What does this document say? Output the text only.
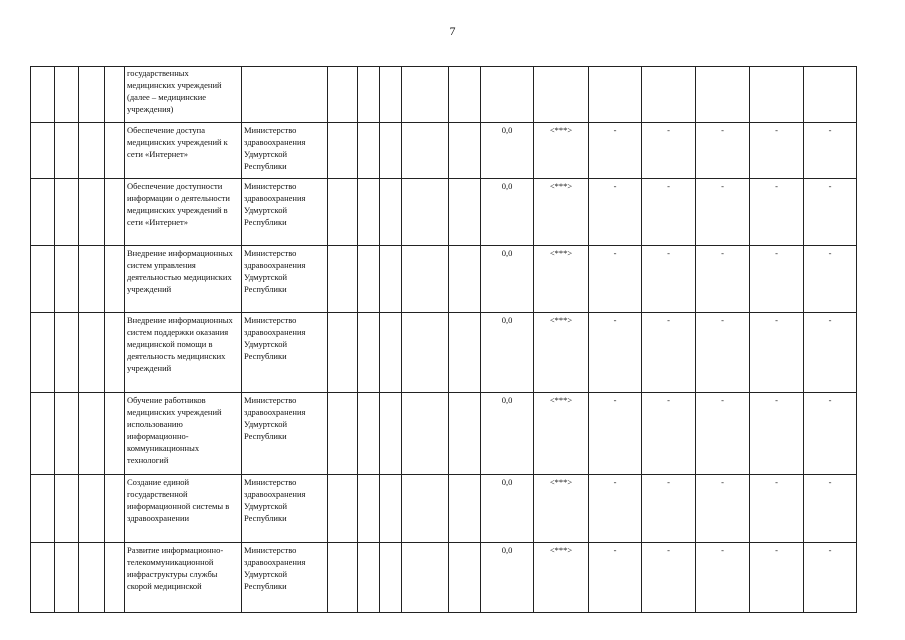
7
				государственных медицинских учреждений (далее – медицинские учреждения)													
				Обеспечение доступа медицинских учреждений к сети «Интернет»	Министерство здравоохранения Удмуртской Республики						0,0	<***>	-	-	-	-	-
				Обеспечение доступности информации о деятельности медицинских учреждений в сети «Интернет»	Министерство здравоохранения Удмуртской Республики						0,0	<***>	-	-	-	-	-
				Внедрение информационных систем управления деятельностью медицинских учреждений	Министерство здравоохранения Удмуртской Республики						0,0	<***>	-	-	-	-	-
				Внедрение информационных систем поддержки оказания медицинской помощи в деятельность медицинских учреждений	Министерство здравоохранения Удмуртской Республики						0,0	<***>	-	-	-	-	-
				Обучение работников медицинских учреждений использованию информационно-коммуникационных технологий	Министерство здравоохранения Удмуртской Республики						0,0	<***>	-	-	-	-	-
				Создание единой государственной информационной системы в здравоохранении	Министерство здравоохранения Удмуртской Республики						0,0	<***>	-	-	-	-	-
				Развитие информационно-телекоммуникационной инфраструктуры службы скорой медицинской	Министерство здравоохранения Удмуртской Республики						0,0	<***>	-	-	-	-	-
